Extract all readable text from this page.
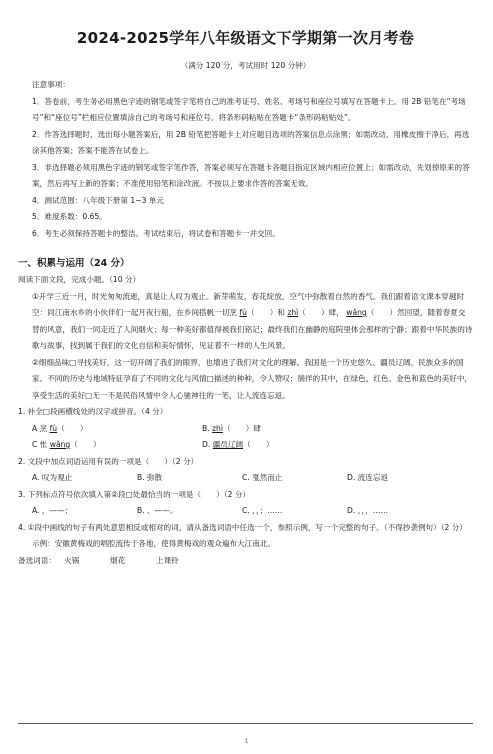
2024-2025学年八年级语文下学期第一次月考卷
（满分 120 分，考试用时 120 分钟）

注意事项：

1．答卷前，考生务必用黑色字迹的钢笔或签字笔将自己的准考证号、姓名、考场号和座位号填写在答题卡上。用 2B 铅笔在“考场号”和“座位号”栏相应位置填涂自己的考场号和座位号。将条形码粘贴在答题卡“条形码粘贴处”。

2．作答选择题时，选出每小题答案后，用 2B 铅笔把答题卡上对应题目选项的答案信息点涂黑；如需改动，用橡皮擦干净后，再选涂其他答案；答案不能答在试卷上。

3．非选择题必须用黑色字迹的钢笔或签字笔作答，答案必须写在答题卡各题目指定区域内相应位置上；如需改动，先划掉原来的答案，然后再写上新的答案；不准使用铅笔和涂改液。不按以上要求作答的答案无效。

4．测试范围：八年级下册第 1~3 单元

5．难度系数：0.65。

6．考生必须保持答题卡的整洁。考试结束后，将试卷和答题卡一并交回。

一、积累与运用（24 分）

阅读下面文段，完成小题。（10 分）

①开学三近一月，时光匆匆流逝，真是让人叹为观止。新芽萌发，春花绽放，空气中弥散着自然的香气。我们跟着语文课本穿越时空：同江南水乡的小伙伴们一起月夜行船，在乡间搭帆一切烹 fù（　　）和 zhì（　　）肆， wǎng（　　）然回望，随着春夏交替的风意，我们一同走近了人间烟火；每一种美好都值得被我们铭记；最终我们在幽静的庭院里体会那样的宁静；跟着中华民族的诗歌与故事，找到属于我们的文化自信和美好情怀，见证着不一样的人生风景。

②细细品味□寻找美好，这一切开阔了我们的眼界，也增进了我们对文化的理解。我国是一个历史悠久、疆员辽阔、民族众多的国家。不同的历史与地域特征孕育了不同的文化与风情□描述的种种，令人赞叹；徜徉的其中，在绿色、红色、金色和蓝色的美好中，享受生活的美好□无一不是民俗风情中令人心驰神往的一笔，让人流连忘返。

1. 补全□段画横线处的汉字或拼音。（4 分）

A 烹 fù（　　）	B. zhì（　　）肆
C 怅 wǎng（　　）	D. 疆员辽阔（　　）

2. 文段中加点词语运用有误的一项是（　　）（2 分）

A. 叹为观止	B. 弥散	C. 戛然而止	D. 流连忘返

3. 下列标点符号依次填入第②段□处最恰当的一项是（　　）（2 分）

A. ，——；	B. 、——。	C. ，，；……	D. ，，，……

4. ①段中画线的句子有两处意思相反或相对的词，请从备选词语中任选一个，参照示例，写一个完整的句子。（不得抄袭例句）（2 分）

示例：安徽黄梅戏的唱腔流传于各地，使得黄梅戏的观众遍布大江南北。

备选词语：	火锅	烟花	上课铃
1
